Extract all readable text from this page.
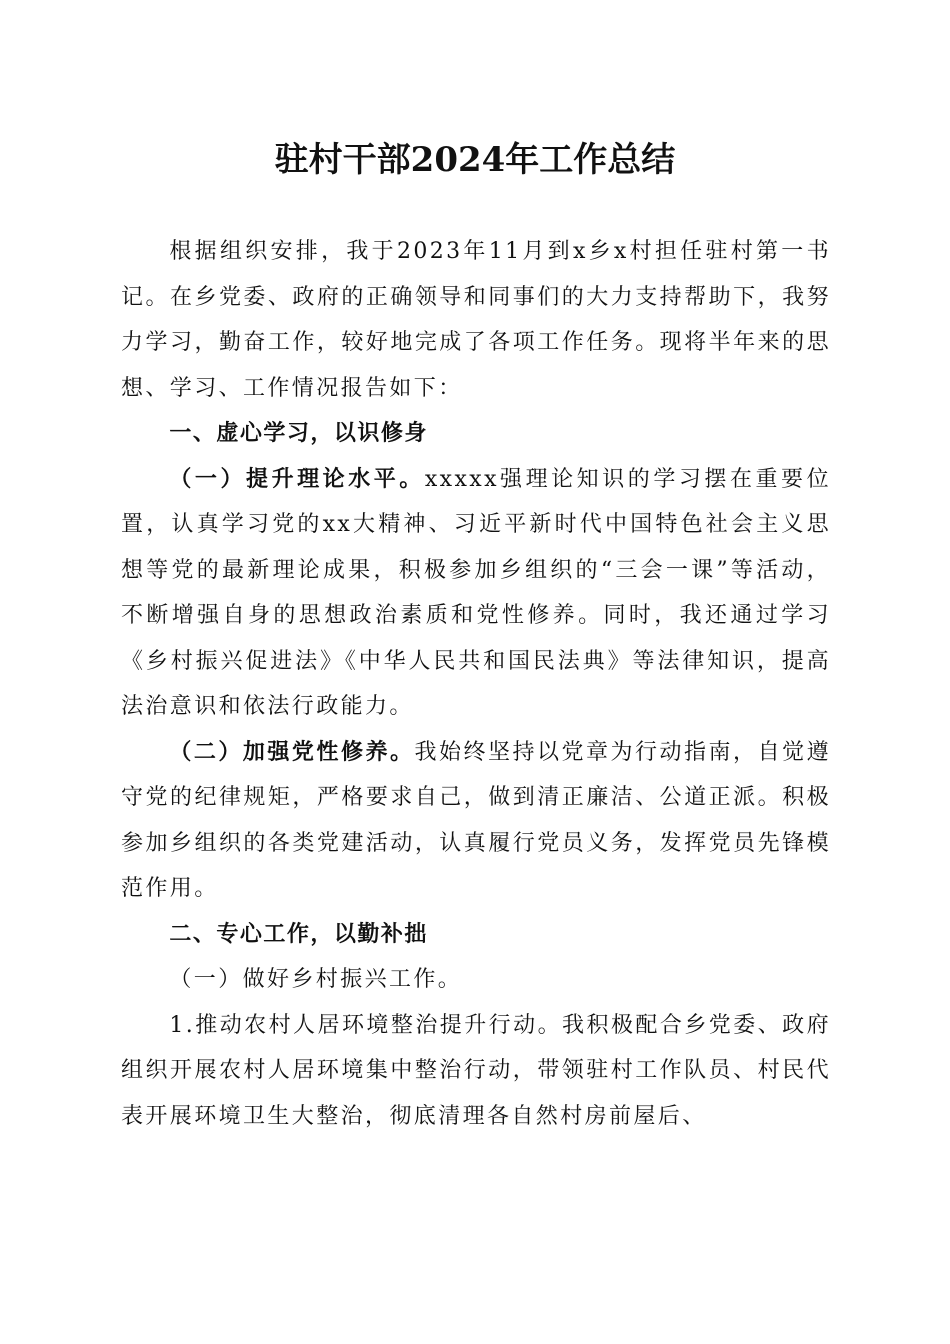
驻村干部2024年工作总结

根据组织安排，我于2023年11月到x乡x村担任驻村第一书记。在乡党委、政府的正确领导和同事们的大力支持帮助下，我努力学习，勤奋工作，较好地完成了各项工作任务。现将半年来的思想、学习、工作情况报告如下：

一、虚心学习，以识修身

（一）提升理论水平。xxxxx强理论知识的学习摆在重要位置，认真学习党的xx大精神、习近平新时代中国特色社会主义思想等党的最新理论成果，积极参加乡组织的“三会一课”等活动，不断增强自身的思想政治素质和党性修养。同时，我还通过学习《乡村振兴促进法》《中华人民共和国民法典》等法律知识，提高法治意识和依法行政能力。

（二）加强党性修养。我始终坚持以党章为行动指南，自觉遵守党的纪律规矩，严格要求自己，做到清正廉洁、公道正派。积极参加乡组织的各类党建活动，认真履行党员义务，发挥党员先锋模范作用。

二、专心工作，以勤补拙

（一）做好乡村振兴工作。

1.推动农村人居环境整治提升行动。我积极配合乡党委、政府组织开展农村人居环境集中整治行动，带领驻村工作队员、村民代表开展环境卫生大整治，彻底清理各自然村房前屋后、
